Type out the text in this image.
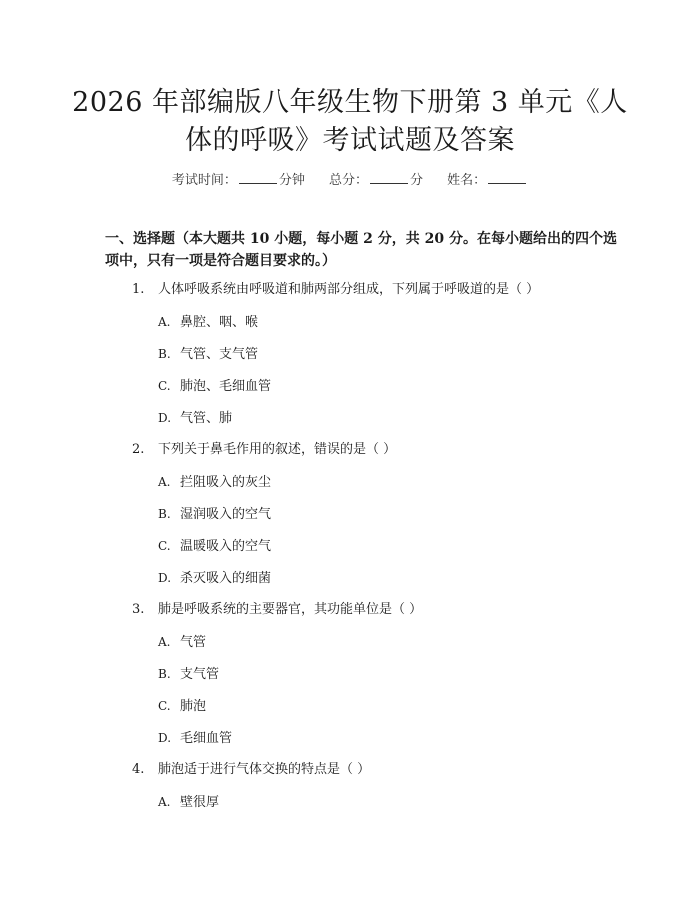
2026 年部编版八年级生物下册第 3 单元《人
体的呼吸》考试试题及答案
考试时间：	分钟 总分：	分 姓名：
一、选择题（本大题共 10 小题，每小题 2 分，共 20 分。在每小题给出的四个选
项中，只有一项是符合题目要求的。）
1. 人体呼吸系统由呼吸道和肺两部分组成，下列属于呼吸道的是（ ）
A. 鼻腔、咽、喉
B. 气管、支气管
C. 肺泡、毛细血管
D. 气管、肺
2. 下列关于鼻毛作用的叙述，错误的是（ ）
A. 拦阻吸入的灰尘
B. 湿润吸入的空气
C. 温暖吸入的空气
D. 杀灭吸入的细菌
3. 肺是呼吸系统的主要器官，其功能单位是（ ）
A. 气管
B. 支气管
C. 肺泡
D. 毛细血管
4. 肺泡适于进行气体交换的特点是（ ）
A. 壁很厚
